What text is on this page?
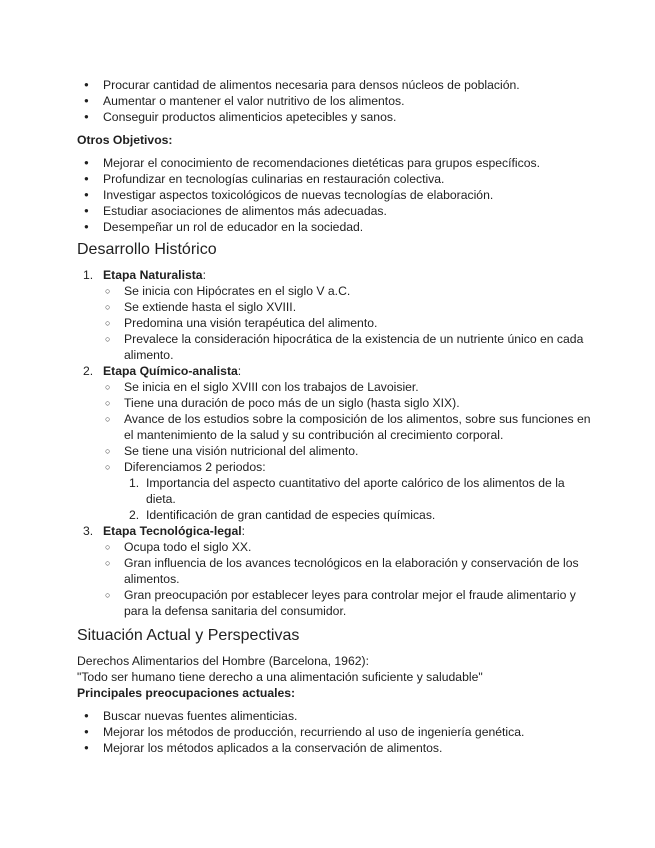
● Procurar cantidad de alimentos necesaria para densos núcleos de población.
● Aumentar o mantener el valor nutritivo de los alimentos.
● Conseguir productos alimenticios apetecibles y sanos.
Otros Objetivos:
● Mejorar el conocimiento de recomendaciones dietéticas para grupos específicos.
● Profundizar en tecnologías culinarias en restauración colectiva.
● Investigar aspectos toxicológicos de nuevas tecnologías de elaboración.
● Estudiar asociaciones de alimentos más adecuadas.
● Desempeñar un rol de educador en la sociedad.
Desarrollo Histórico
1. Etapa Naturalista:
○ Se inicia con Hipócrates en el siglo V a.C.
○ Se extiende hasta el siglo XVIII.
○ Predomina una visión terapéutica del alimento.
○ Prevalece la consideración hipocrática de la existencia de un nutriente único en cada alimento.
2. Etapa Químico-analista:
○ Se inicia en el siglo XVIII con los trabajos de Lavoisier.
○ Tiene una duración de poco más de un siglo (hasta siglo XIX).
○ Avance de los estudios sobre la composición de los alimentos, sobre sus funciones en el mantenimiento de la salud y su contribución al crecimiento corporal.
○ Se tiene una visión nutricional del alimento.
○ Diferenciamos 2 periodos:
1. Importancia del aspecto cuantitativo del aporte calórico de los alimentos de la dieta.
2. Identificación de gran cantidad de especies químicas.
3. Etapa Tecnológica-legal:
○ Ocupa todo el siglo XX.
○ Gran influencia de los avances tecnológicos en la elaboración y conservación de los alimentos.
○ Gran preocupación por establecer leyes para controlar mejor el fraude alimentario y para la defensa sanitaria del consumidor.
Situación Actual y Perspectivas
Derechos Alimentarios del Hombre (Barcelona, 1962):
"Todo ser humano tiene derecho a una alimentación suficiente y saludable"
Principales preocupaciones actuales:
● Buscar nuevas fuentes alimenticias.
● Mejorar los métodos de producción, recurriendo al uso de ingeniería genética.
● Mejorar los métodos aplicados a la conservación de alimentos.
